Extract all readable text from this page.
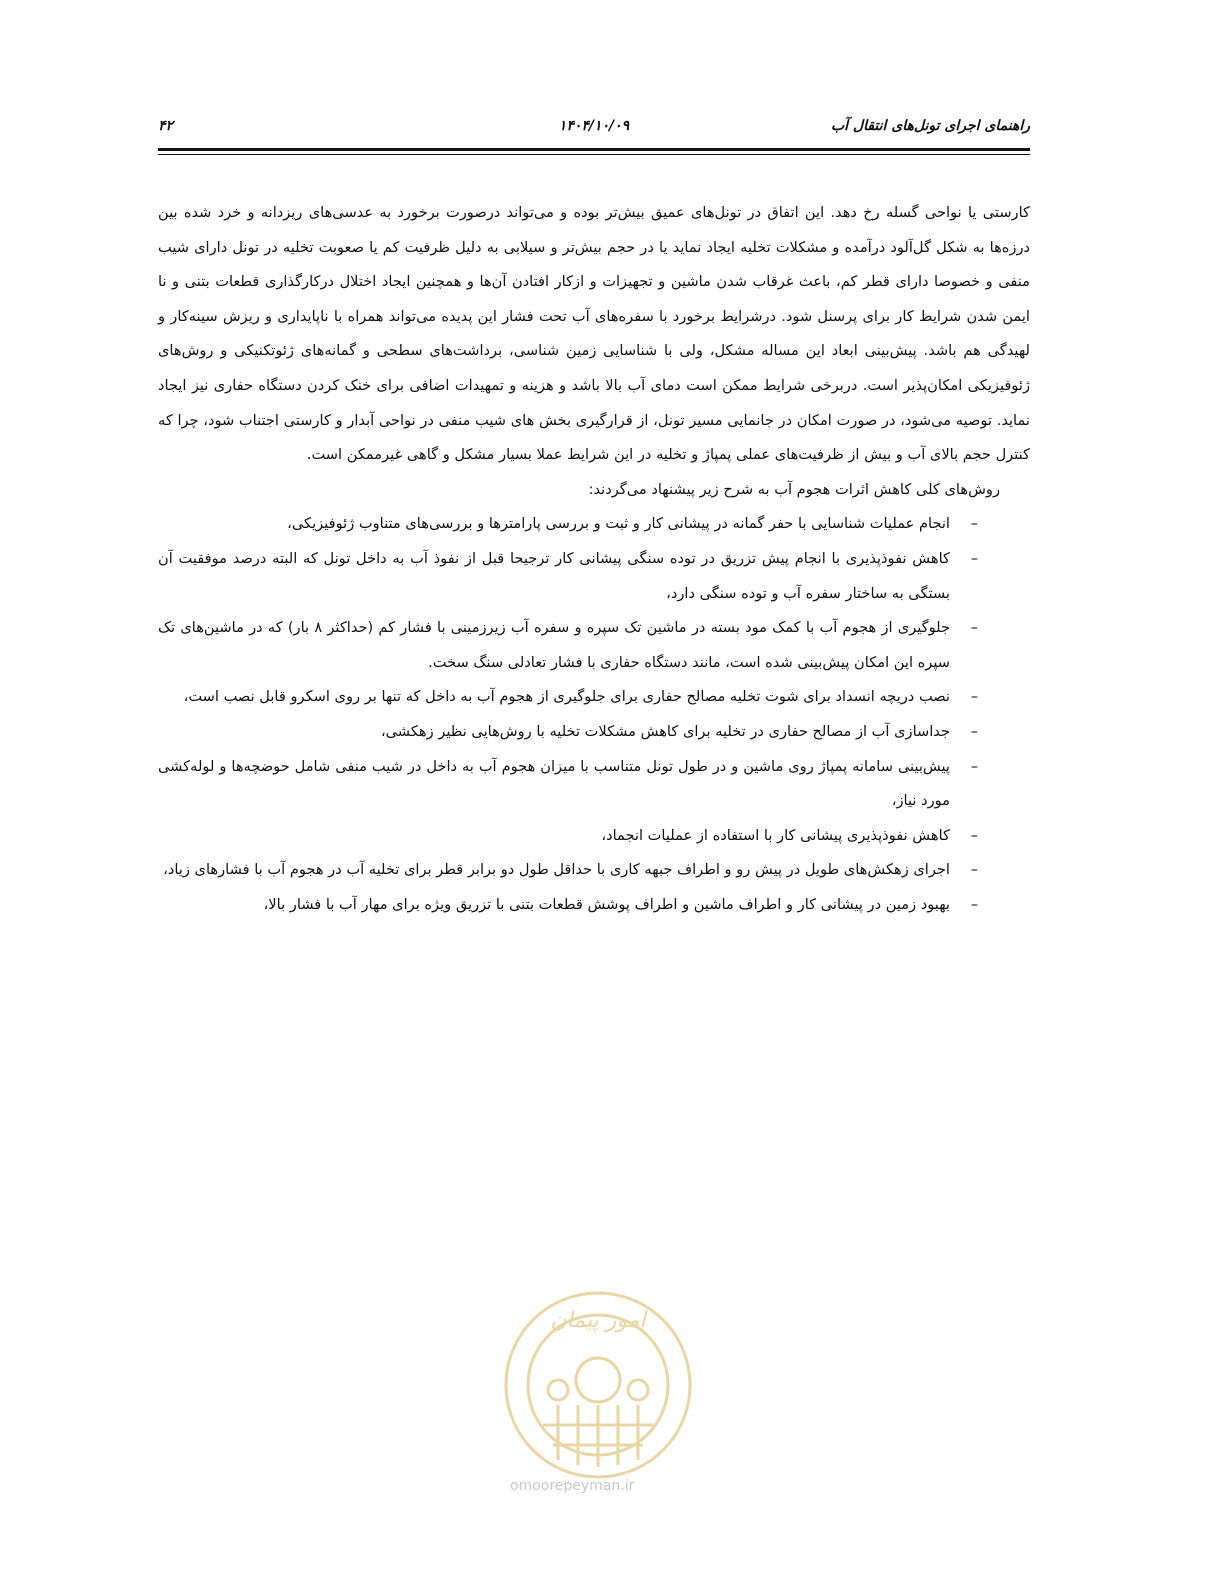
راهنمای اجرای تونل‌های انتقال آب
۱۴۰۴/۱۰/۰۹
۴۲

کارستی یا نواحی گسله رخ دهد. این اتفاق در تونل‌های عمیق بیش‌تر بوده و می‌تواند درصورت برخورد به عدسی‌های ریزدانه و خرد شده بین درزه‌ها به شکل گل‌آلود درآمده و مشکلات تخلیه ایجاد نماید یا در حجم بیش‌تر و سیلابی به دلیل ظرفیت کم یا صعوبت تخلیه در تونل دارای شیب منفی و خصوصا دارای قطر کم، باعث غرقاب شدن ماشین و تجهیزات و ازکار افتادن آن‌ها و همچنین ایجاد اختلال درکارگذاری قطعات بتنی و نا ایمن شدن شرایط کار برای پرسنل شود. درشرایط برخورد با سفره‌های آب تحت فشار این پدیده می‌تواند همراه با ناپایداری و ریزش سینه‌کار و لهیدگی هم باشد. پیش‌بینی ابعاد این مساله مشکل، ولی با شناسایی زمین شناسی، برداشت‌های سطحی و گمانه‌های ژئوتکنیکی و روش‌های ژئوفیزیکی امکان‌پذیر است. دربرخی شرایط ممکن است دمای آب بالا باشد و هزینه و تمهیدات اضافی برای خنک کردن دستگاه حفاری نیز ایجاد نماید. توصیه می‌شود، در صورت امکان در جانمایی مسیر تونل، از قرارگیری بخش های شیب منفی در نواحی آبدار و کارستی اجتناب شود، چرا که کنترل حجم بالای آب و بیش از ظرفیت‌های عملی پمپاژ و تخلیه در این شرایط عملا بسیار مشکل و گاهی غیرممکن است.

روش‌های کلی کاهش اثرات هجوم آب به شرح زیر پیشنهاد می‌گردند:

–
انجام عملیات شناسایی با حفر گمانه در پیشانی کار و ثبت و بررسی پارامترها و بررسی‌های متناوب ژئوفیزیکی،
–
کاهش نفوذپذیری با انجام پیش تزریق در توده سنگی پیشانی کار ترجیحا قبل از نفوذ آب به داخل تونل که البته درصد موفقیت آن بستگی به ساختار سفره آب و توده سنگی دارد،
–
جلوگیری از هجوم آب با کمک مود بسته در ماشین تک سپره و سفره آب زیرزمینی با فشار کم (حداکثر ۸ بار) که در ماشین‌های تک سپره این امکان پیش‌بینی شده است، مانند دستگاه حفاری با فشار تعادلی سنگ سخت.
–
نصب دریچه انسداد برای شوت تخلیه مصالح حفاری برای جلوگیری از هجوم آب به داخل که تنها بر روی اسکرو قابل نصب است،
–
جداسازی آب از مصالح حفاری در تخلیه برای کاهش مشکلات تخلیه با روش‌هایی نظیر زهکشی،
–
پیش‌بینی سامانه پمپاژ روی ماشین و در طول تونل متناسب با میزان هجوم آب به داخل در شیب منفی شامل حوضچه‌ها و لوله‌کشی مورد نیاز،
–
کاهش نفوذپذیری پیشانی کار با استفاده از عملیات انجماد،
–
اجرای زهکش‌های طویل در پیش رو و اطراف جبهه کاری با حداقل طول دو برابر قطر برای تخلیه آب در هجوم آب با فشارهای زیاد،
–
بهبود زمین در پیشانی کار و اطراف ماشین و اطراف پوشش قطعات بتنی با تزریق ویژه برای مهار آب با فشار بالا،
امور پیمان
omoorepeyman.ir
